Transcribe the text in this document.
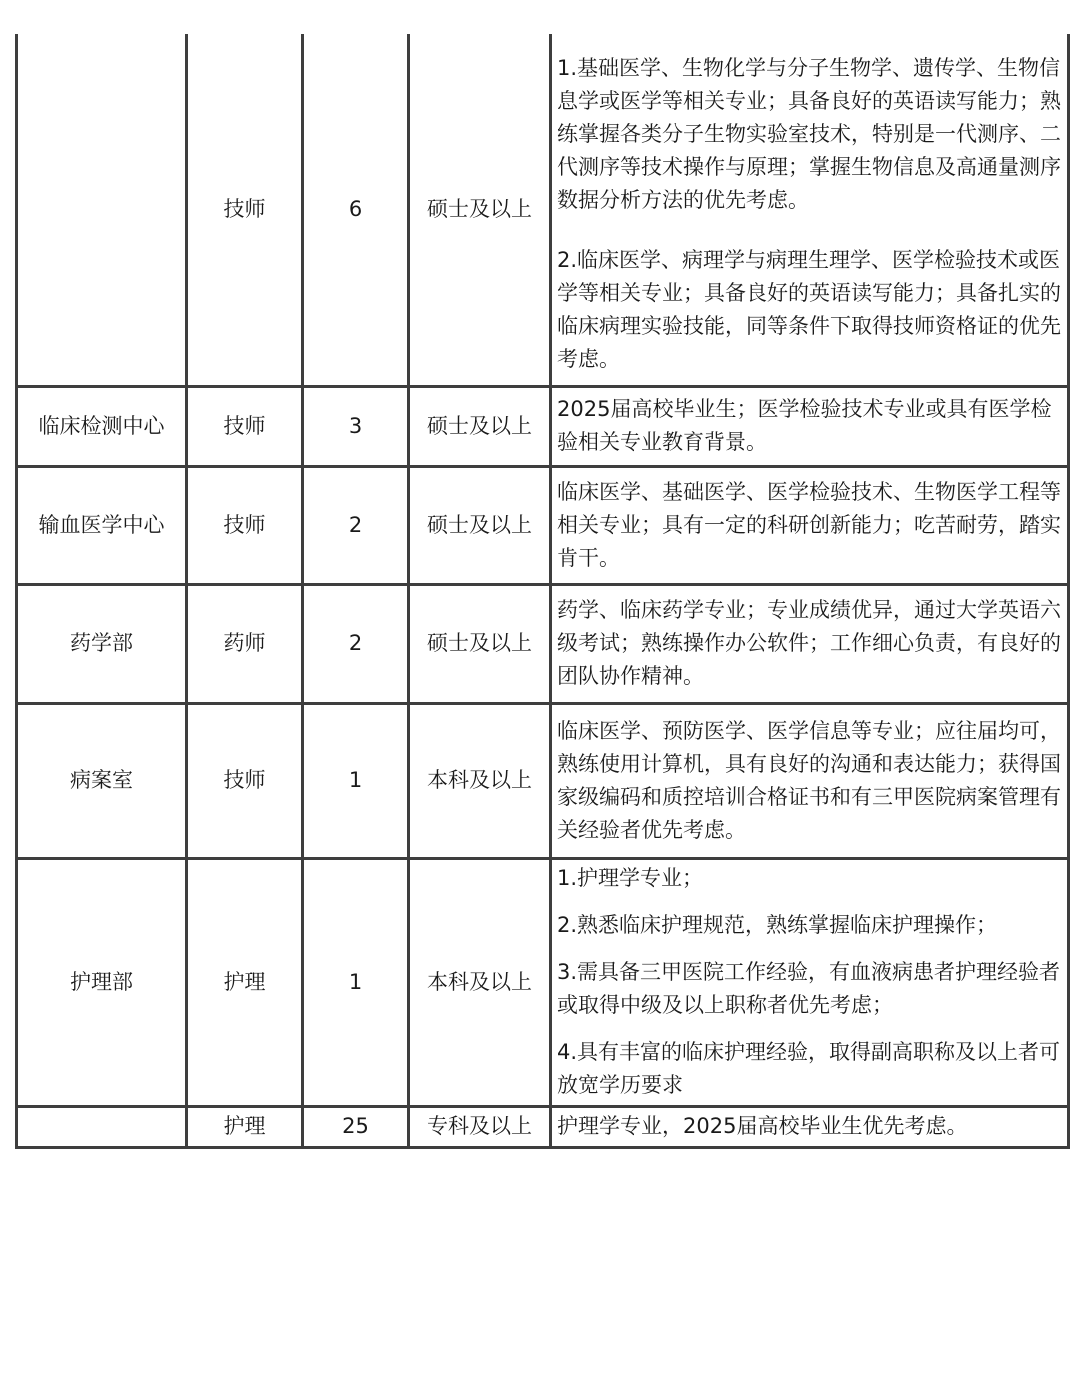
	技师	6	硕士及以上	1.基础医学、生物化学与分子生物学、遗传学、生物信息学或医学等相关专业；具备良好的英语读写能力；熟练掌握各类分子生物实验室技术，特别是一代测序、二代测序等技术操作与原理；掌握生物信息及高通量测序数据分析方法的优先考虑。

2.临床医学、病理学与病理生理学、医学检验技术或医学等相关专业；具备良好的英语读写能力；具备扎实的临床病理实验技能，同等条件下取得技师资格证的优先考虑。

临床检测中心	技师	3	硕士及以上	2025届高校毕业生；医学检验技术专业或具有医学检验相关专业教育背景。

输血医学中心	技师	2	硕士及以上	临床医学、基础医学、医学检验技术、生物医学工程等相关专业；具有一定的科研创新能力；吃苦耐劳，踏实肯干。

药学部	药师	2	硕士及以上	药学、临床药学专业；专业成绩优异，通过大学英语六级考试；熟练操作办公软件；工作细心负责，有良好的团队协作精神。

病案室	技师	1	本科及以上	临床医学、预防医学、医学信息等专业；应往届均可，熟练使用计算机，具有良好的沟通和表达能力；获得国家级编码和质控培训合格证书和有三甲医院病案管理有关经验者优先考虑。

护理部	护理	1	本科及以上	1.护理学专业；

2.熟悉临床护理规范，熟练掌握临床护理操作；

3.需具备三甲医院工作经验，有血液病患者护理经验者或取得中级及以上职称者优先考虑；

4.具有丰富的临床护理经验，取得副高职称及以上者可放宽学历要求

	护理	25	专科及以上	护理学专业，2025届高校毕业生优先考虑。
